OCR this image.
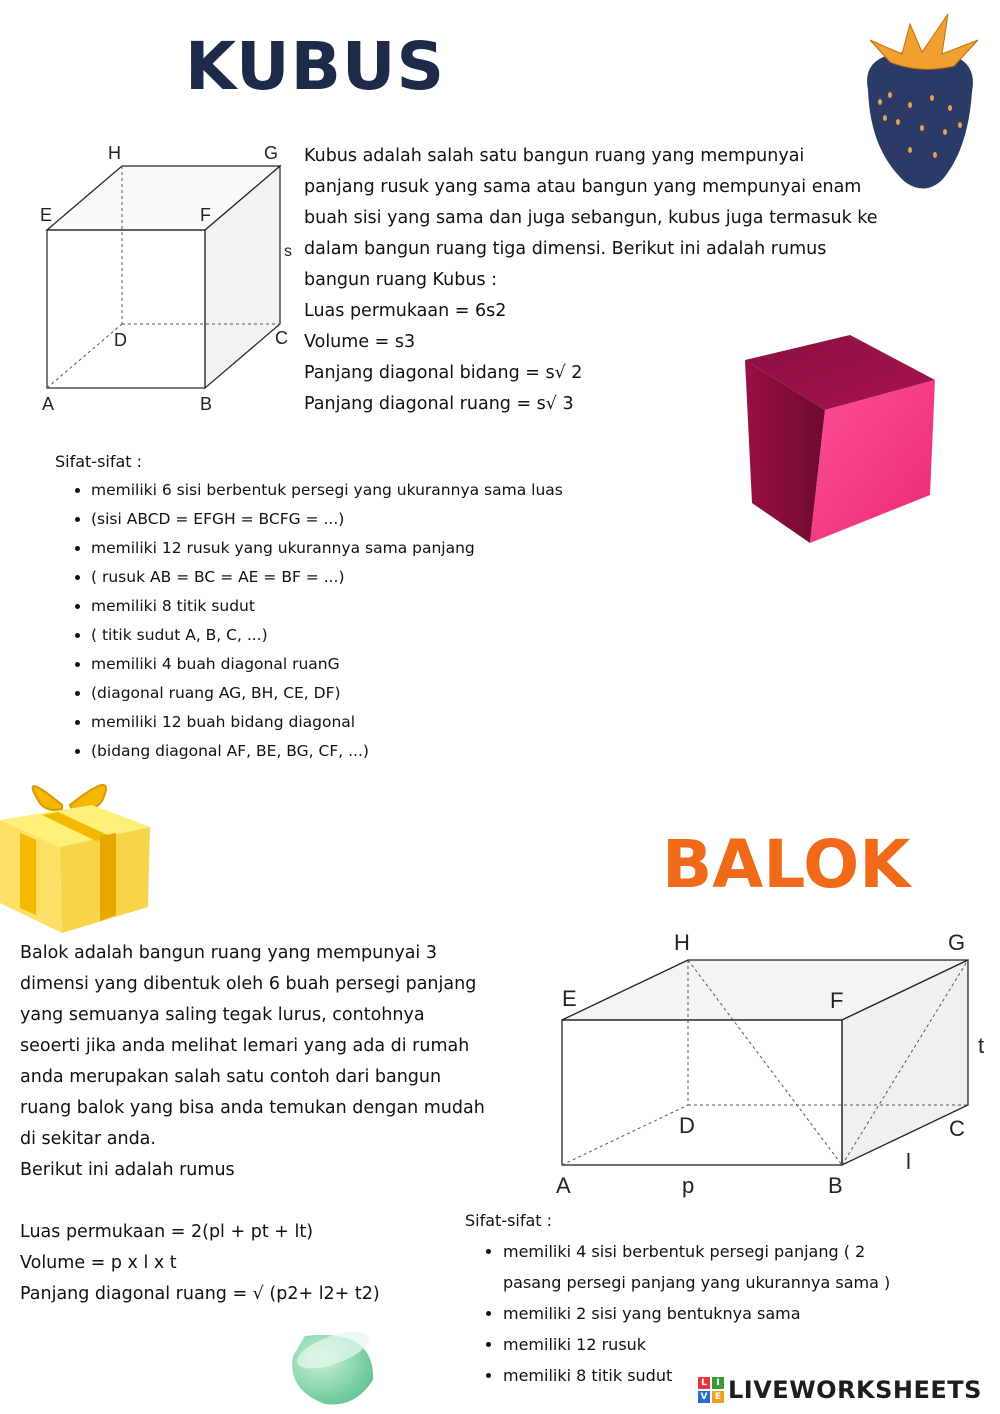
KUBUS
H	G
E	F
D	C
A	B
s
Kubus adalah salah satu bangun ruang yang mempunyai
panjang rusuk yang sama atau bangun yang mempunyai enam
buah sisi yang sama dan juga sebangun, kubus juga termasuk ke
dalam bangun ruang tiga dimensi. Berikut ini adalah rumus
bangun ruang Kubus :
Luas permukaan = 6s2
Volume = s3
Panjang diagonal bidang = s√ 2
Panjang diagonal ruang = s√ 3
Sifat-sifat :
• memiliki 6 sisi berbentuk persegi yang ukurannya sama luas
• (sisi ABCD = EFGH = BCFG = ...)
• memiliki 12 rusuk yang ukurannya sama panjang
• ( rusuk AB = BC = AE = BF = ...)
• memiliki 8 titik sudut
• ( titik sudut A, B, C, ...)
• memiliki 4 buah diagonal ruanG
• (diagonal ruang AG, BH, CE, DF)
• memiliki 12 buah bidang diagonal
• (bidang diagonal AF, BE, BG, CF, ...)
BALOK
Balok adalah bangun ruang yang mempunyai 3
dimensi yang dibentuk oleh 6 buah persegi panjang
yang semuanya saling tegak lurus, contohnya
seoerti jika anda melihat lemari yang ada di rumah
anda merupakan salah satu contoh dari bangun
ruang balok yang bisa anda temukan dengan mudah
di sekitar anda.
Berikut ini adalah rumus
Luas permukaan = 2(pl + pt + lt)
Volume = p x l x t
Panjang diagonal ruang = √ (p2+ l2+ t2)
H	G
E	F
t
D	C
l
A	p	B
Sifat-sifat :
• memiliki 4 sisi berbentuk persegi panjang ( 2
pasang persegi panjang yang ukurannya sama )
• memiliki 2 sisi yang bentuknya sama
• memiliki 12 rusuk
• memiliki 8 titik sudut	L	I
V E LIVEWORKSHEETS
